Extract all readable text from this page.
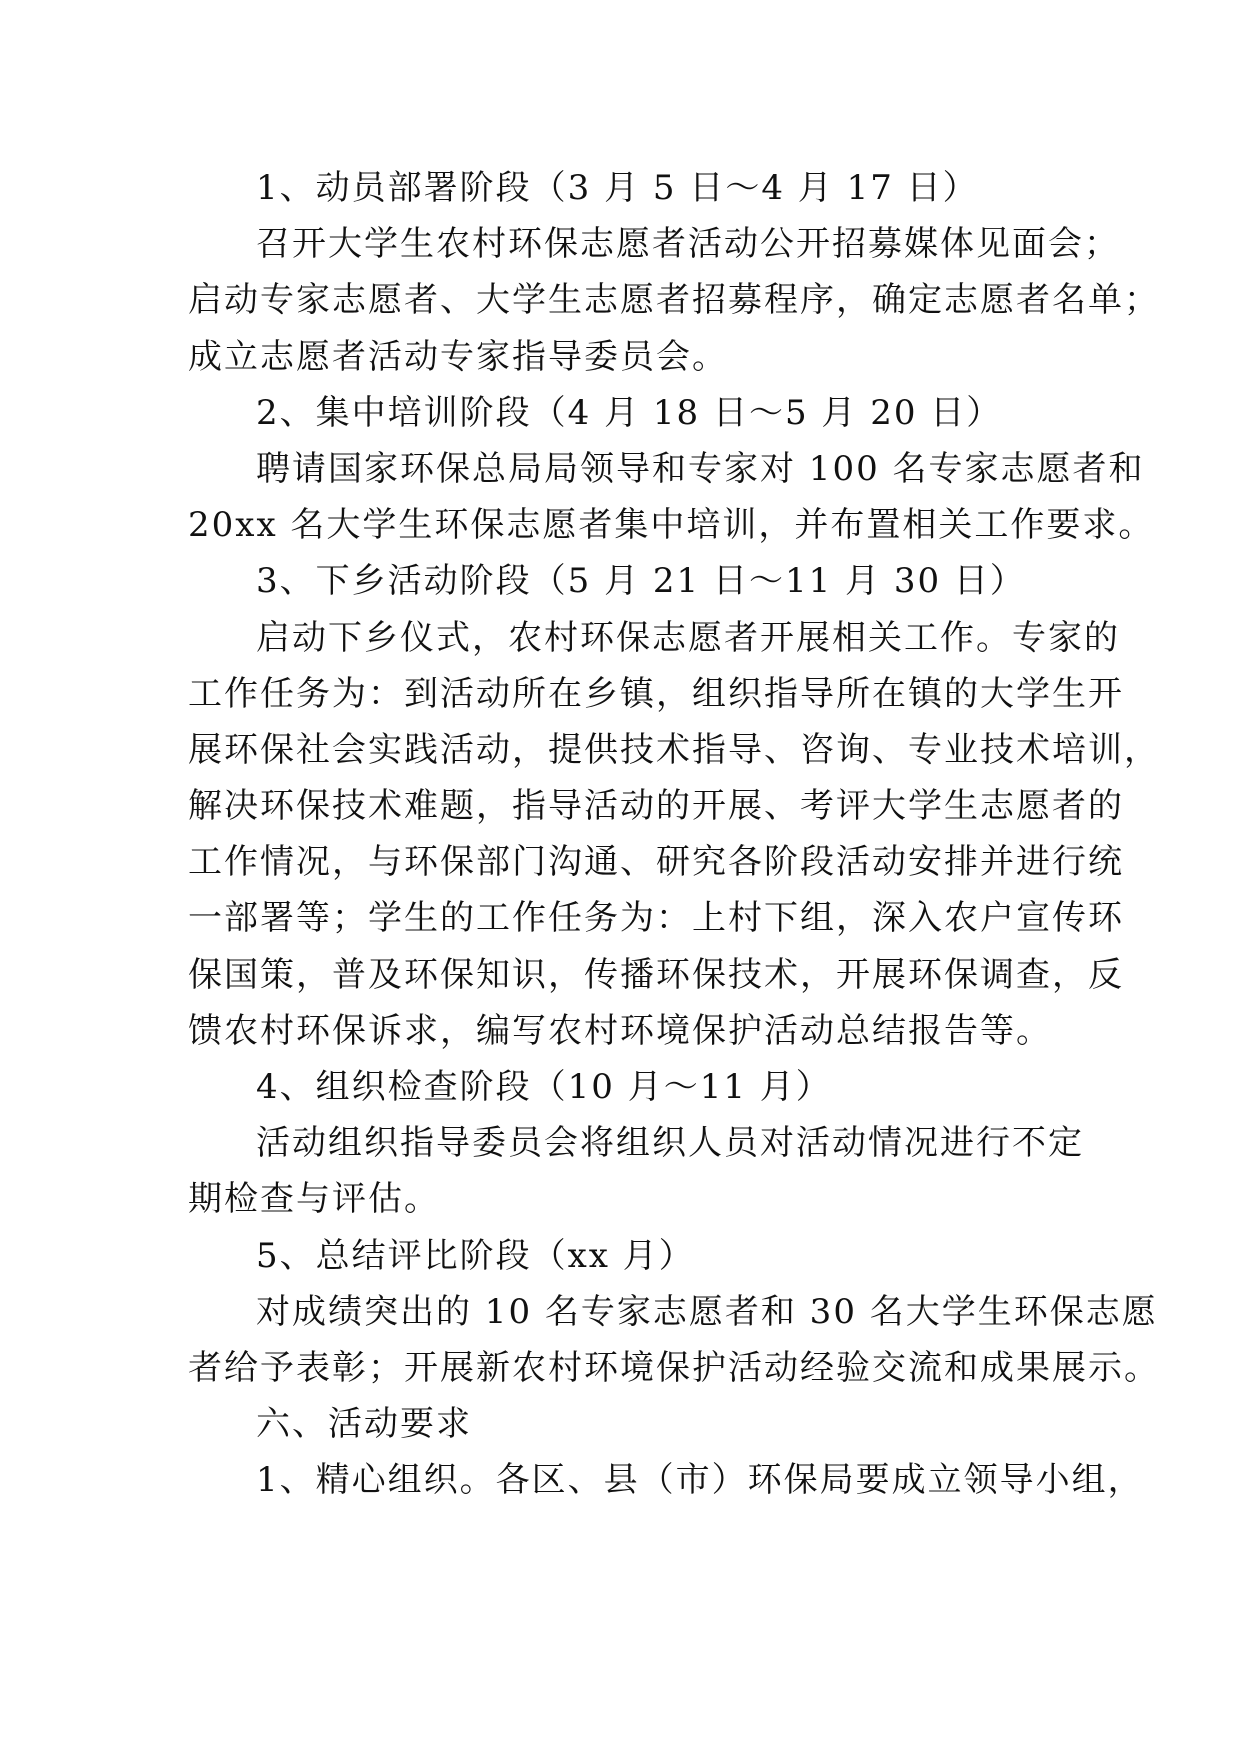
1、动员部署阶段（3 月 5 日～4 月 17 日）
召开大学生农村环保志愿者活动公开招募媒体见面会；
启动专家志愿者、大学生志愿者招募程序，确定志愿者名单；
成立志愿者活动专家指导委员会。
2、集中培训阶段（4 月 18 日～5 月 20 日）
聘请国家环保总局局领导和专家对 100 名专家志愿者和
20xx 名大学生环保志愿者集中培训，并布置相关工作要求。
3、下乡活动阶段（5 月 21 日～11 月 30 日）
启动下乡仪式，农村环保志愿者开展相关工作。专家的
工作任务为：到活动所在乡镇，组织指导所在镇的大学生开
展环保社会实践活动，提供技术指导、咨询、专业技术培训，
解决环保技术难题，指导活动的开展、考评大学生志愿者的
工作情况，与环保部门沟通、研究各阶段活动安排并进行统
一部署等；学生的工作任务为：上村下组，深入农户宣传环
保国策，普及环保知识，传播环保技术，开展环保调查，反
馈农村环保诉求，编写农村环境保护活动总结报告等。
4、组织检查阶段（10 月～11 月）
活动组织指导委员会将组织人员对活动情况进行不定
期检查与评估。
5、总结评比阶段（xx 月）
对成绩突出的 10 名专家志愿者和 30 名大学生环保志愿
者给予表彰；开展新农村环境保护活动经验交流和成果展示。
六、活动要求
1、精心组织。各区、县（市）环保局要成立领导小组，
